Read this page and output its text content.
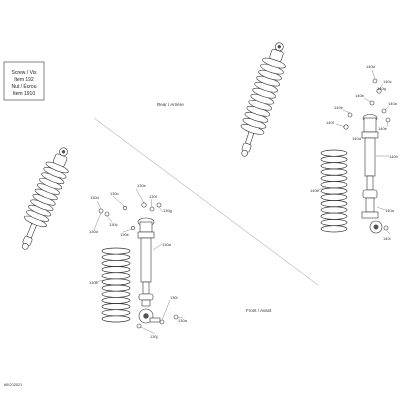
Screw / Vis
Item 192
Nut / Écrou
Item 1910
Rear / Arrière
Front / Avant
130d
130c
130e
130f
130g
130d
130c
130e
130a
130b
130i
130a
130j
140d
140c
140b
140e
140f
140a
140g
140d
140e
140b
140h
140a
140i
68C02021
